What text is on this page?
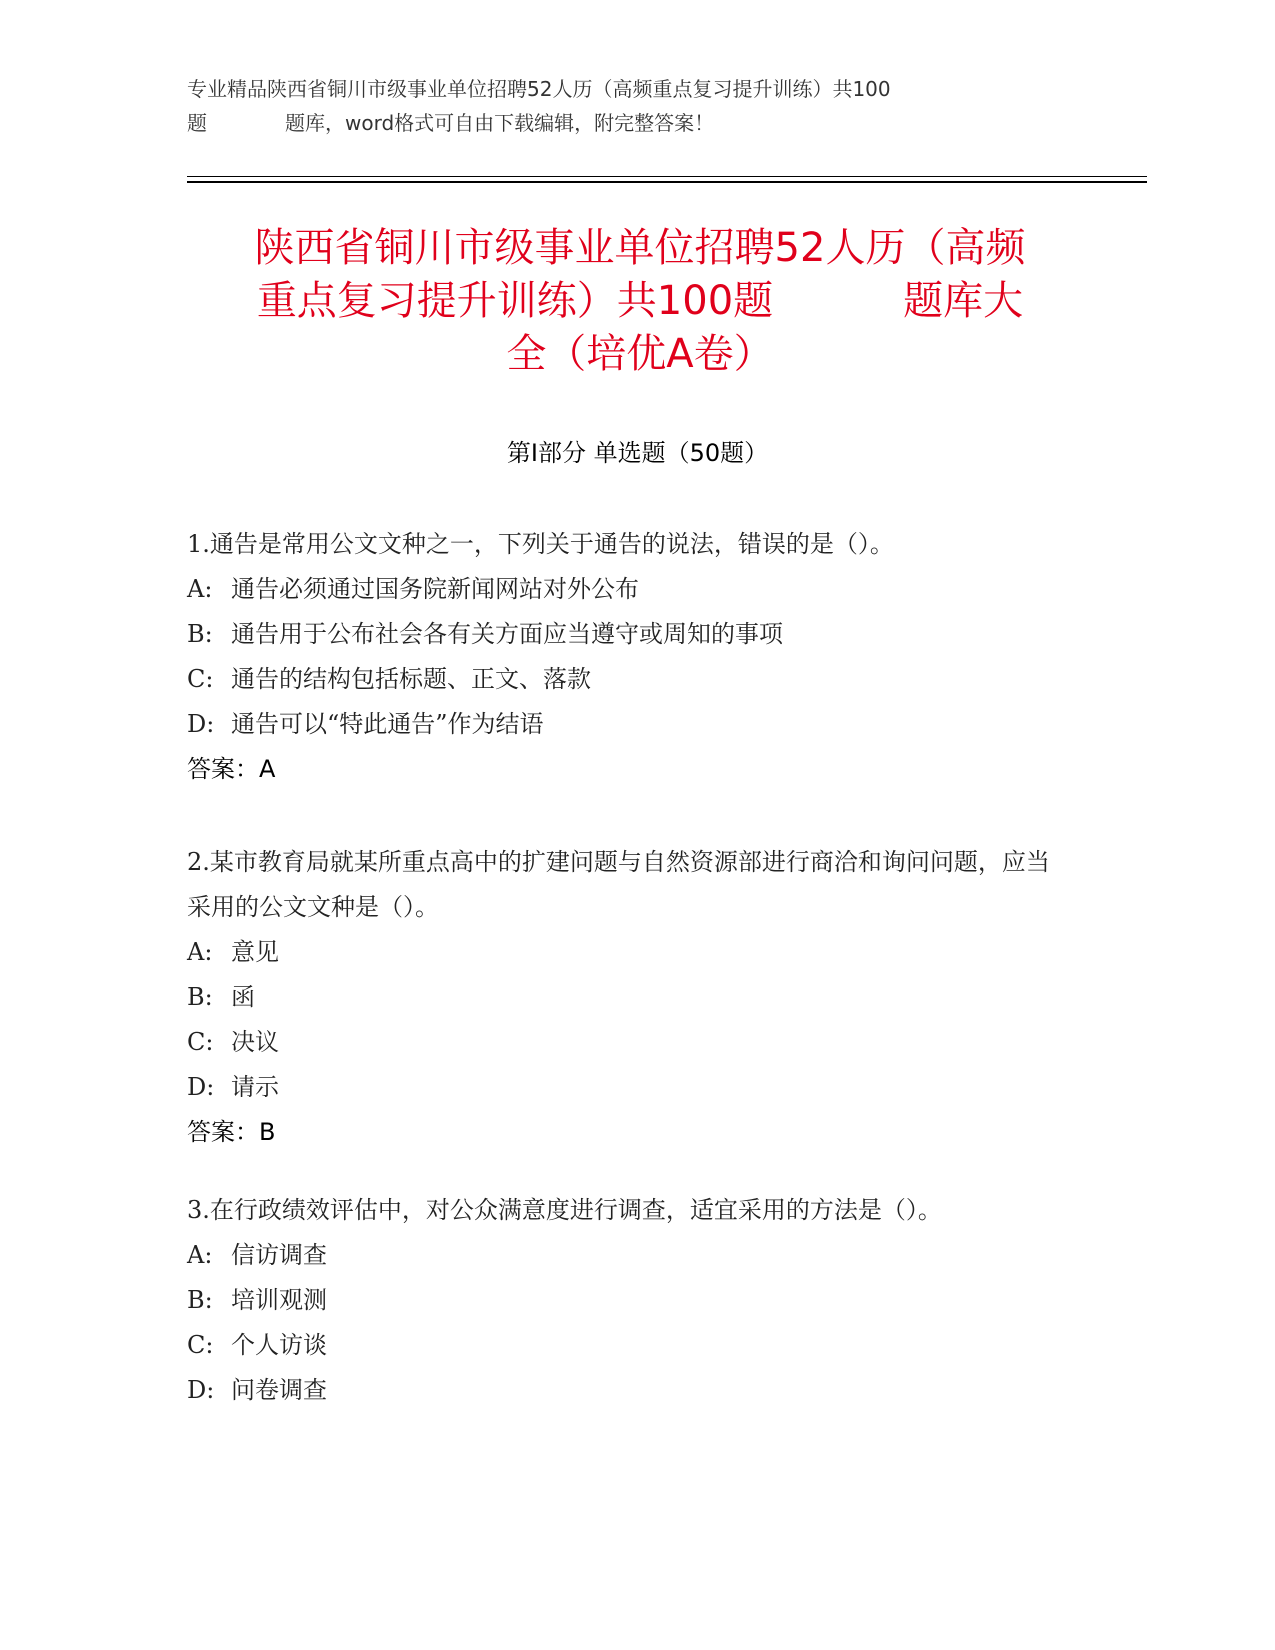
专业精品陕西省铜川市级事业单位招聘52人历（高频重点复习提升训练）共100
题	题库，word格式可自由下载编辑，附完整答案！
陕西省铜川市级事业单位招聘52人历（高频
重点复习提升训练）共100题	题库大
全（培优A卷）
第I部分 单选题（50题）

1.通告是常用公文文种之一，下列关于通告的说法，错误的是（）。

A: 通告必须通过国务院新闻网站对外公布
B: 通告用于公布社会各有关方面应当遵守或周知的事项
C: 通告的结构包括标题、正文、落款
D: 通告可以“特此通告”作为结语
答案：A

2.某市教育局就某所重点高中的扩建问题与自然资源部进行商洽和询问问题，应当采用的公文文种是（）。

A: 意见
B: 函
C: 决议
D: 请示
答案：B

3.在行政绩效评估中，对公众满意度进行调查，适宜采用的方法是（）。

A: 信访调查
B: 培训观测
C: 个人访谈
D: 问卷调查
